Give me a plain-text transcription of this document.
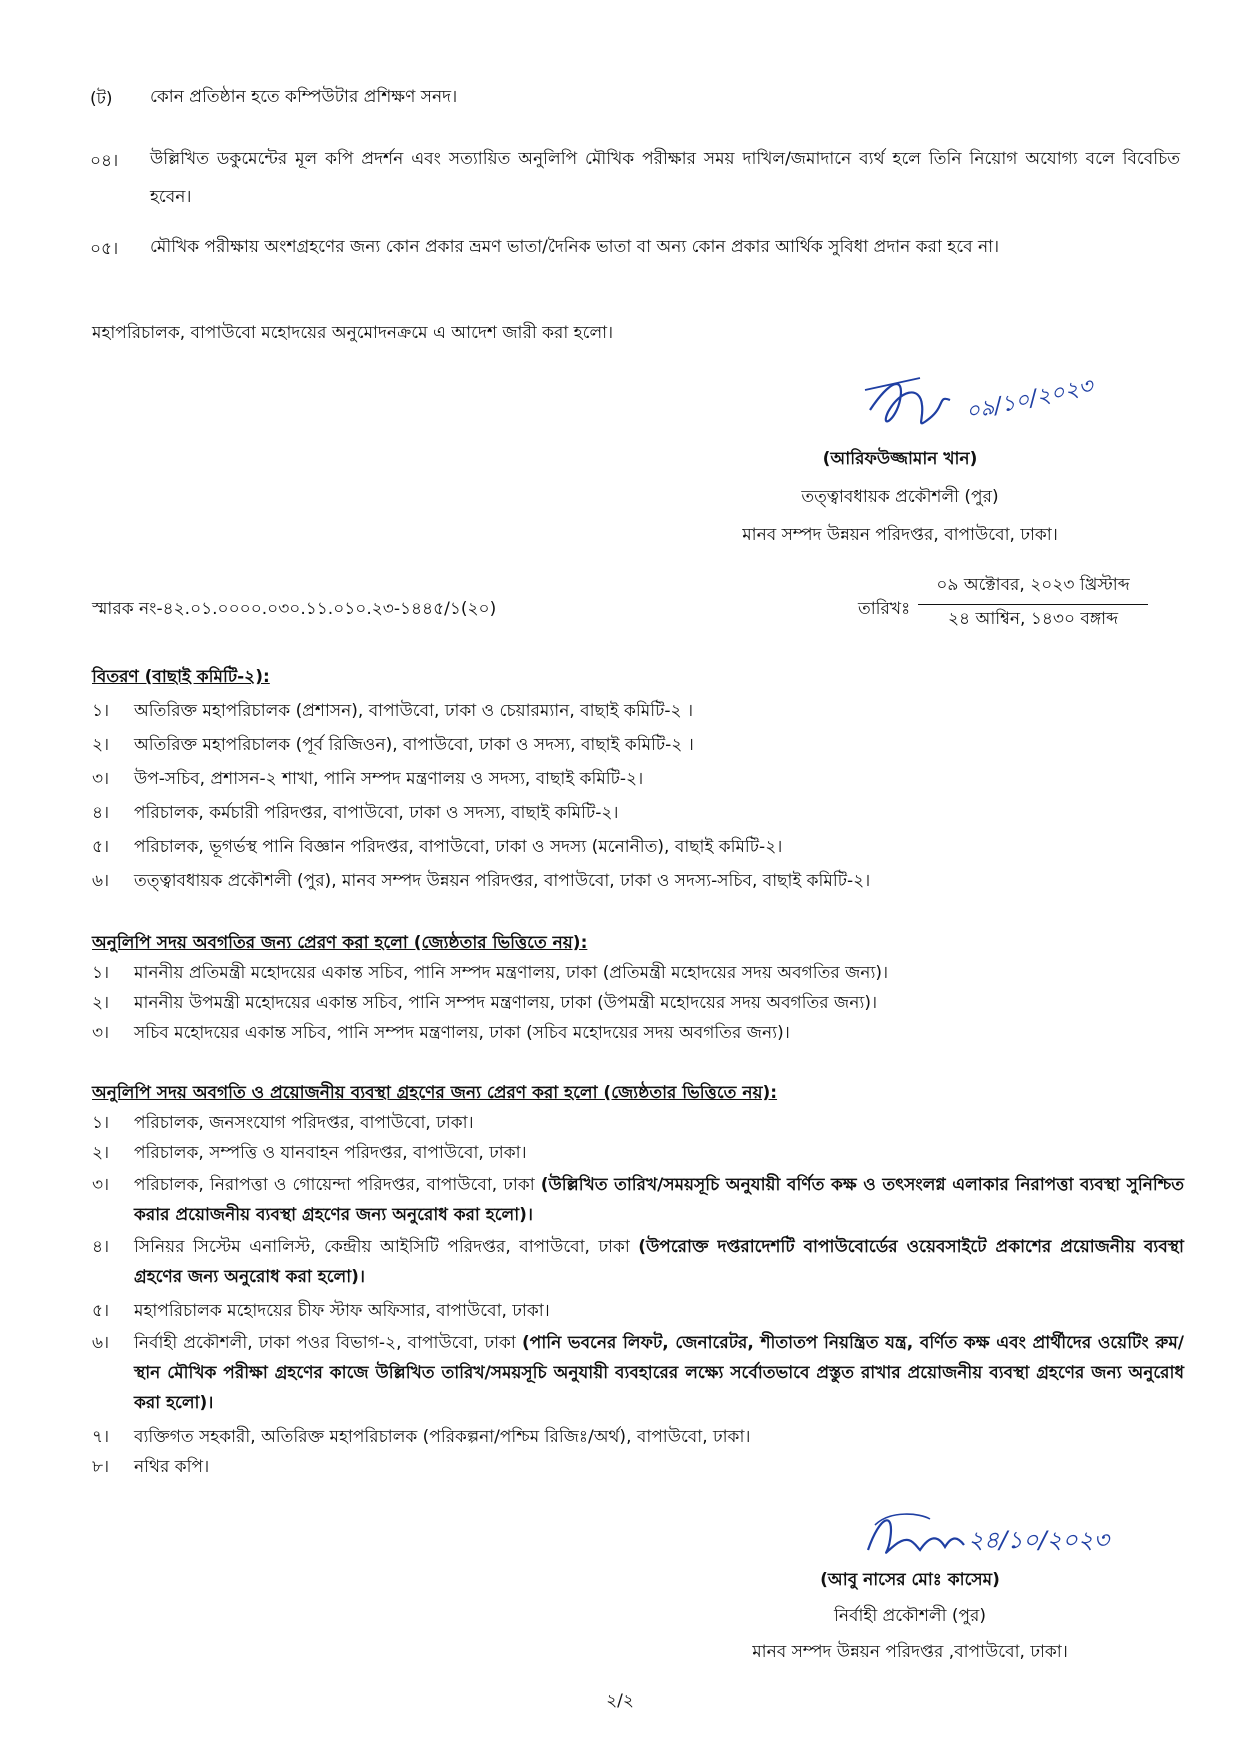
(ট)	কোন প্রতিষ্ঠান হতে কম্পিউটার প্রশিক্ষণ সনদ।
০৪।	উল্লিখিত ডকুমেন্টের মূল কপি প্রদর্শন এবং সত্যায়িত অনুলিপি মৌখিক পরীক্ষার সময় দাখিল/জমাদানে ব্যর্থ হলে তিনি নিয়োগ অযোগ্য বলে বিবেচিত হবেন।
০৫।	মৌখিক পরীক্ষায় অংশগ্রহণের জন্য কোন প্রকার ভ্রমণ ভাতা/দৈনিক ভাতা বা অন্য কোন প্রকার আর্থিক সুবিধা প্রদান করা হবে না।
মহাপরিচালক, বাপাউবো মহোদয়ের অনুমোদনক্রমে এ আদেশ জারী করা হলো।
০৯/১০/২০২৩
(আরিফউজ্জামান খান)
তত্ত্বাবধায়ক প্রকৌশলী (পুর)
মানব সম্পদ উন্নয়ন পরিদপ্তর, বাপাউবো, ঢাকা।
স্মারক নং-৪২.০১.০০০০.০৩০.১১.০১০.২৩-১৪৪৫/১(২০)	তারিখঃ
০৯ অক্টোবর, ২০২৩ খ্রিস্টাব্দ
২৪ আশ্বিন, ১৪৩০ বঙ্গাব্দ
বিতরণ (বাছাই কমিটি-২):
১। অতিরিক্ত মহাপরিচালক (প্রশাসন), বাপাউবো, ঢাকা ও চেয়ারম্যান, বাছাই কমিটি-২ ।
২। অতিরিক্ত মহাপরিচালক (পূর্ব রিজিওন), বাপাউবো, ঢাকা ও সদস্য, বাছাই কমিটি-২ ।
৩। উপ-সচিব, প্রশাসন-২ শাখা, পানি সম্পদ মন্ত্রণালয় ও সদস্য, বাছাই কমিটি-২।
৪। পরিচালক, কর্মচারী পরিদপ্তর, বাপাউবো, ঢাকা ও সদস্য, বাছাই কমিটি-২।
৫। পরিচালক, ভূগর্ভস্থ পানি বিজ্ঞান পরিদপ্তর, বাপাউবো, ঢাকা ও সদস্য (মনোনীত), বাছাই কমিটি-২।
৬। তত্ত্বাবধায়ক প্রকৌশলী (পুর), মানব সম্পদ উন্নয়ন পরিদপ্তর, বাপাউবো, ঢাকা ও সদস্য-সচিব, বাছাই কমিটি-২।
অনুলিপি সদয় অবগতির জন্য প্রেরণ করা হলো (জ্যেষ্ঠতার ভিত্তিতে নয়):
১। মাননীয় প্রতিমন্ত্রী মহোদয়ের একান্ত সচিব, পানি সম্পদ মন্ত্রণালয়, ঢাকা (প্রতিমন্ত্রী মহোদয়ের সদয় অবগতির জন্য)।
২। মাননীয় উপমন্ত্রী মহোদয়ের একান্ত সচিব, পানি সম্পদ মন্ত্রণালয়, ঢাকা (উপমন্ত্রী মহোদয়ের সদয় অবগতির জন্য)।
৩। সচিব মহোদয়ের একান্ত সচিব, পানি সম্পদ মন্ত্রণালয়, ঢাকা (সচিব মহোদয়ের সদয় অবগতির জন্য)।
অনুলিপি সদয় অবগতি ও প্রয়োজনীয় ব্যবস্থা গ্রহণের জন্য প্রেরণ করা হলো (জ্যেষ্ঠতার ভিত্তিতে নয়):
১। পরিচালক, জনসংযোগ পরিদপ্তর, বাপাউবো, ঢাকা।
২। পরিচালক, সম্পত্তি ও যানবাহন পরিদপ্তর, বাপাউবো, ঢাকা।
৩।	পরিচালক, নিরাপত্তা ও গোয়েন্দা পরিদপ্তর, বাপাউবো, ঢাকা (উল্লিখিত তারিখ/সময়সূচি অনুযায়ী বর্ণিত কক্ষ ও তৎসংলগ্ন এলাকার নিরাপত্তা ব্যবস্থা সুনিশ্চিত করার প্রয়োজনীয় ব্যবস্থা গ্রহণের জন্য অনুরোধ করা হলো)।
৪।	সিনিয়র সিস্টেম এনালিস্ট, কেন্দ্রীয় আইসিটি পরিদপ্তর, বাপাউবো, ঢাকা (উপরোক্ত দপ্তরাদেশটি বাপাউবোর্ডের ওয়েবসাইটে প্রকাশের প্রয়োজনীয় ব্যবস্থা গ্রহণের জন্য অনুরোধ করা হলো)।
৫। মহাপরিচালক মহোদয়ের চীফ স্টাফ অফিসার, বাপাউবো, ঢাকা।
৬।	নির্বাহী প্রকৌশলী, ঢাকা পওর বিভাগ-২, বাপাউবো, ঢাকা (পানি ভবনের লিফট, জেনারেটর, শীতাতপ নিয়ন্ত্রিত যন্ত্র, বর্ণিত কক্ষ এবং প্রার্থীদের ওয়েটিং রুম/স্থান মৌখিক পরীক্ষা গ্রহণের কাজে উল্লিখিত তারিখ/সময়সূচি অনুযায়ী ব্যবহারের লক্ষ্যে সর্বোতভাবে প্রস্তুত রাখার প্রয়োজনীয় ব্যবস্থা গ্রহণের জন্য অনুরোধ করা হলো)।
৭। ব্যক্তিগত সহকারী, অতিরিক্ত মহাপরিচালক (পরিকল্পনা/পশ্চিম রিজিঃ/অর্থ), বাপাউবো, ঢাকা।
৮। নথির কপি।
২৪/১০/২০২৩
(আবু নাসের মোঃ কাসেম)
নির্বাহী প্রকৌশলী (পুর)
মানব সম্পদ উন্নয়ন পরিদপ্তর ,বাপাউবো, ঢাকা।
২/২
